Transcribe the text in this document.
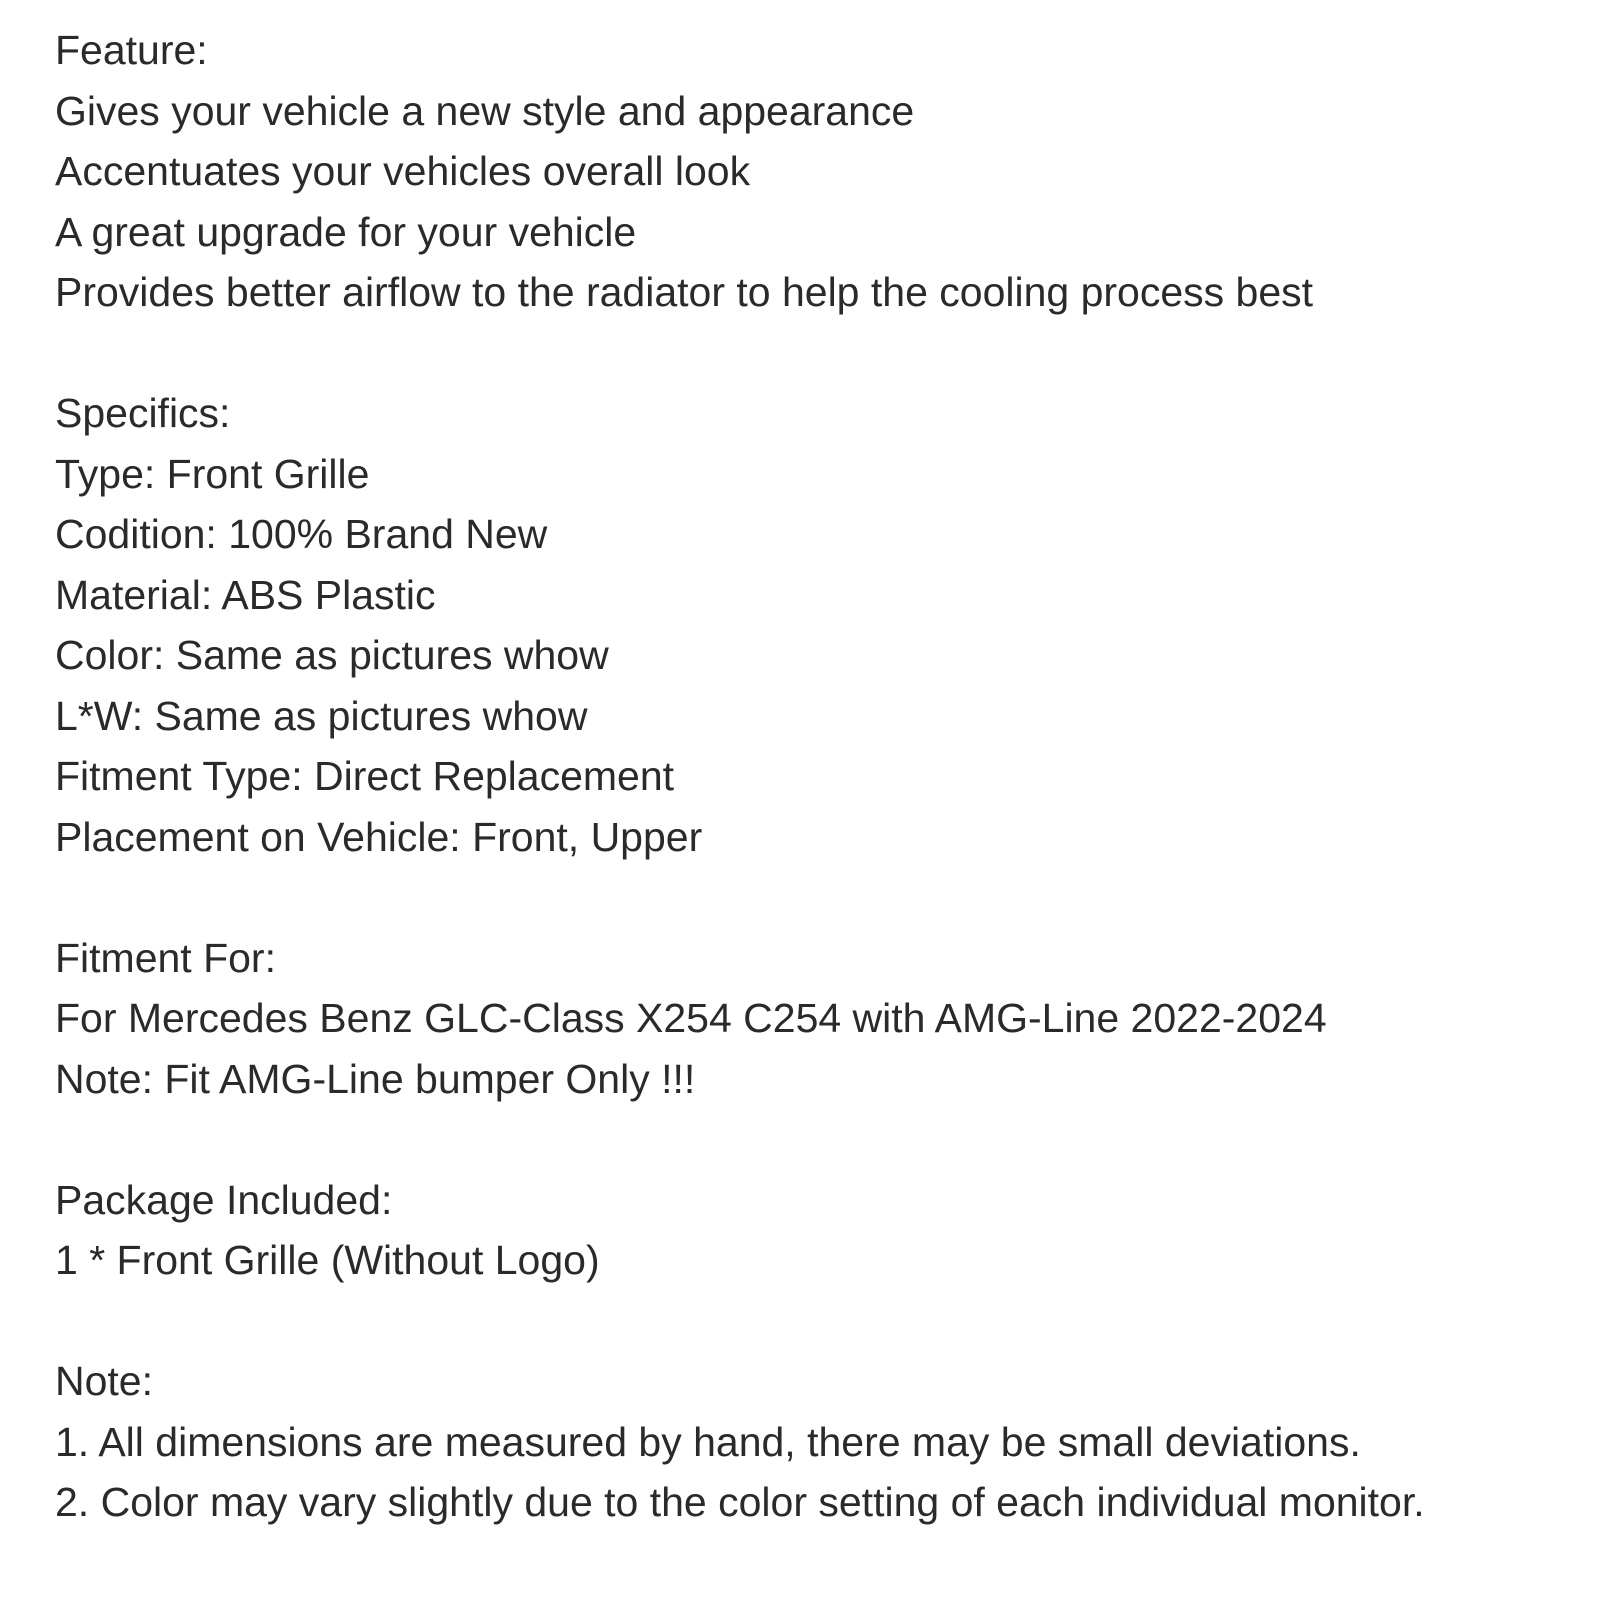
Feature:
Gives your vehicle a new style and appearance
Accentuates your vehicles overall look
A great upgrade for your vehicle
Provides better airflow to the radiator to help the cooling process best
Specifics:
Type: Front Grille
Codition: 100% Brand New
Material: ABS Plastic
Color: Same as pictures whow
L*W: Same as pictures whow
Fitment Type: Direct Replacement
Placement on Vehicle: Front, Upper
Fitment For:
For Mercedes Benz GLC-Class X254 C254 with AMG-Line 2022-2024
Note: Fit AMG-Line bumper Only !!!
Package Included:
1 * Front Grille (Without Logo)
Note:
1. All dimensions are measured by hand, there may be small deviations.
2. Color may vary slightly due to the color setting of each individual monitor.
